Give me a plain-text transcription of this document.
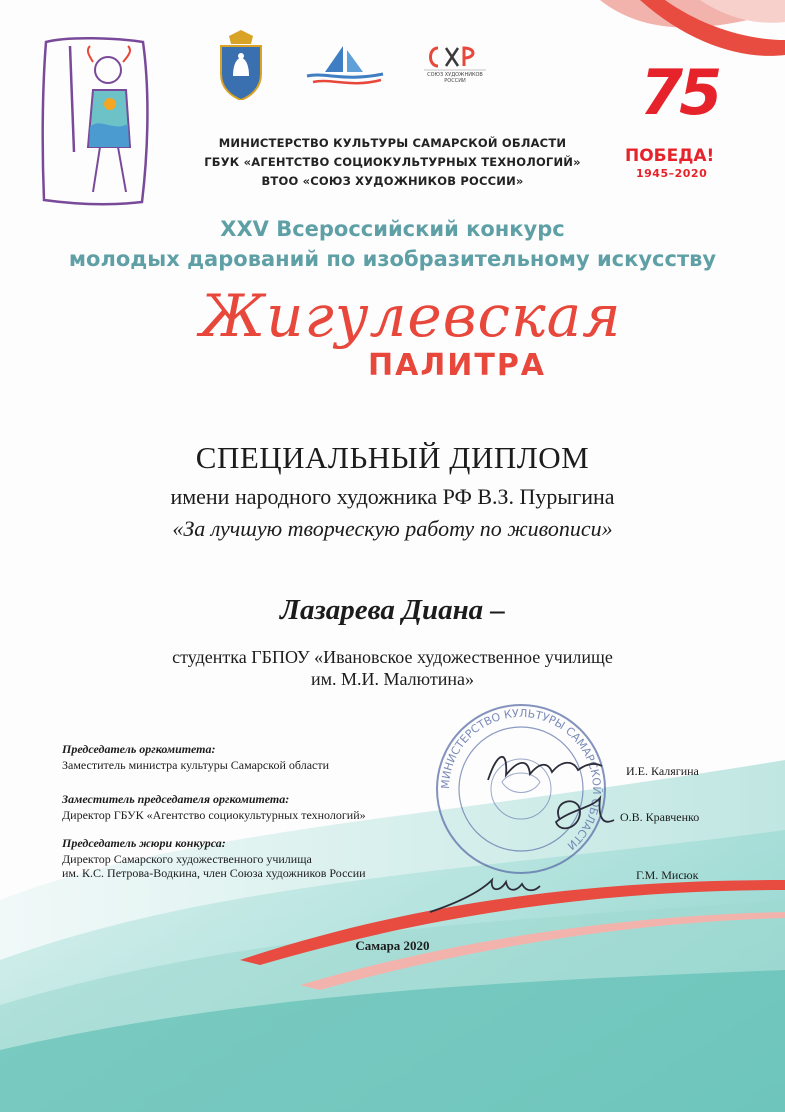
СОЮЗ ХУДОЖНИКОВ РОССИИ	75
ПОБЕДА!
1945–2020
МИНИСТЕРСТВО КУЛЬТУРЫ САМАРСКОЙ ОБЛАСТИ
ГБУК «АГЕНТСТВО СОЦИОКУЛЬТУРНЫХ ТЕХНОЛОГИЙ»
ВТОО «СОЮЗ ХУДОЖНИКОВ РОССИИ»
XXV Всероссийский конкурс
молодых дарований по изобразительному искусству
Жигулевская
ПАЛИТРА
СПЕЦИАЛЬНЫЙ ДИПЛОМ
имени народного художника РФ В.З. Пурыгина
«За лучшую творческую работу по живописи»
Лазарева Диана –
студентка ГБПОУ «Ивановское художественное училище
им. М.И. Малютина»
МИНИСТЕРСТВО КУЛЬТУРЫ САМАРСКОЙ ОБЛАСТИ
Председатель оргкомитета:
Заместитель министра культуры Самарской области	И.Е. Калягина
Заместитель председателя оргкомитета:
Директор ГБУК «Агентство социокультурных технологий»	О.В. Кравченко
Председатель жюри конкурса:
Директор Самарского художественного училища
им. К.С. Петрова-Водкина, член Союза художников России	Г.М. Мисюк
Самара 2020
